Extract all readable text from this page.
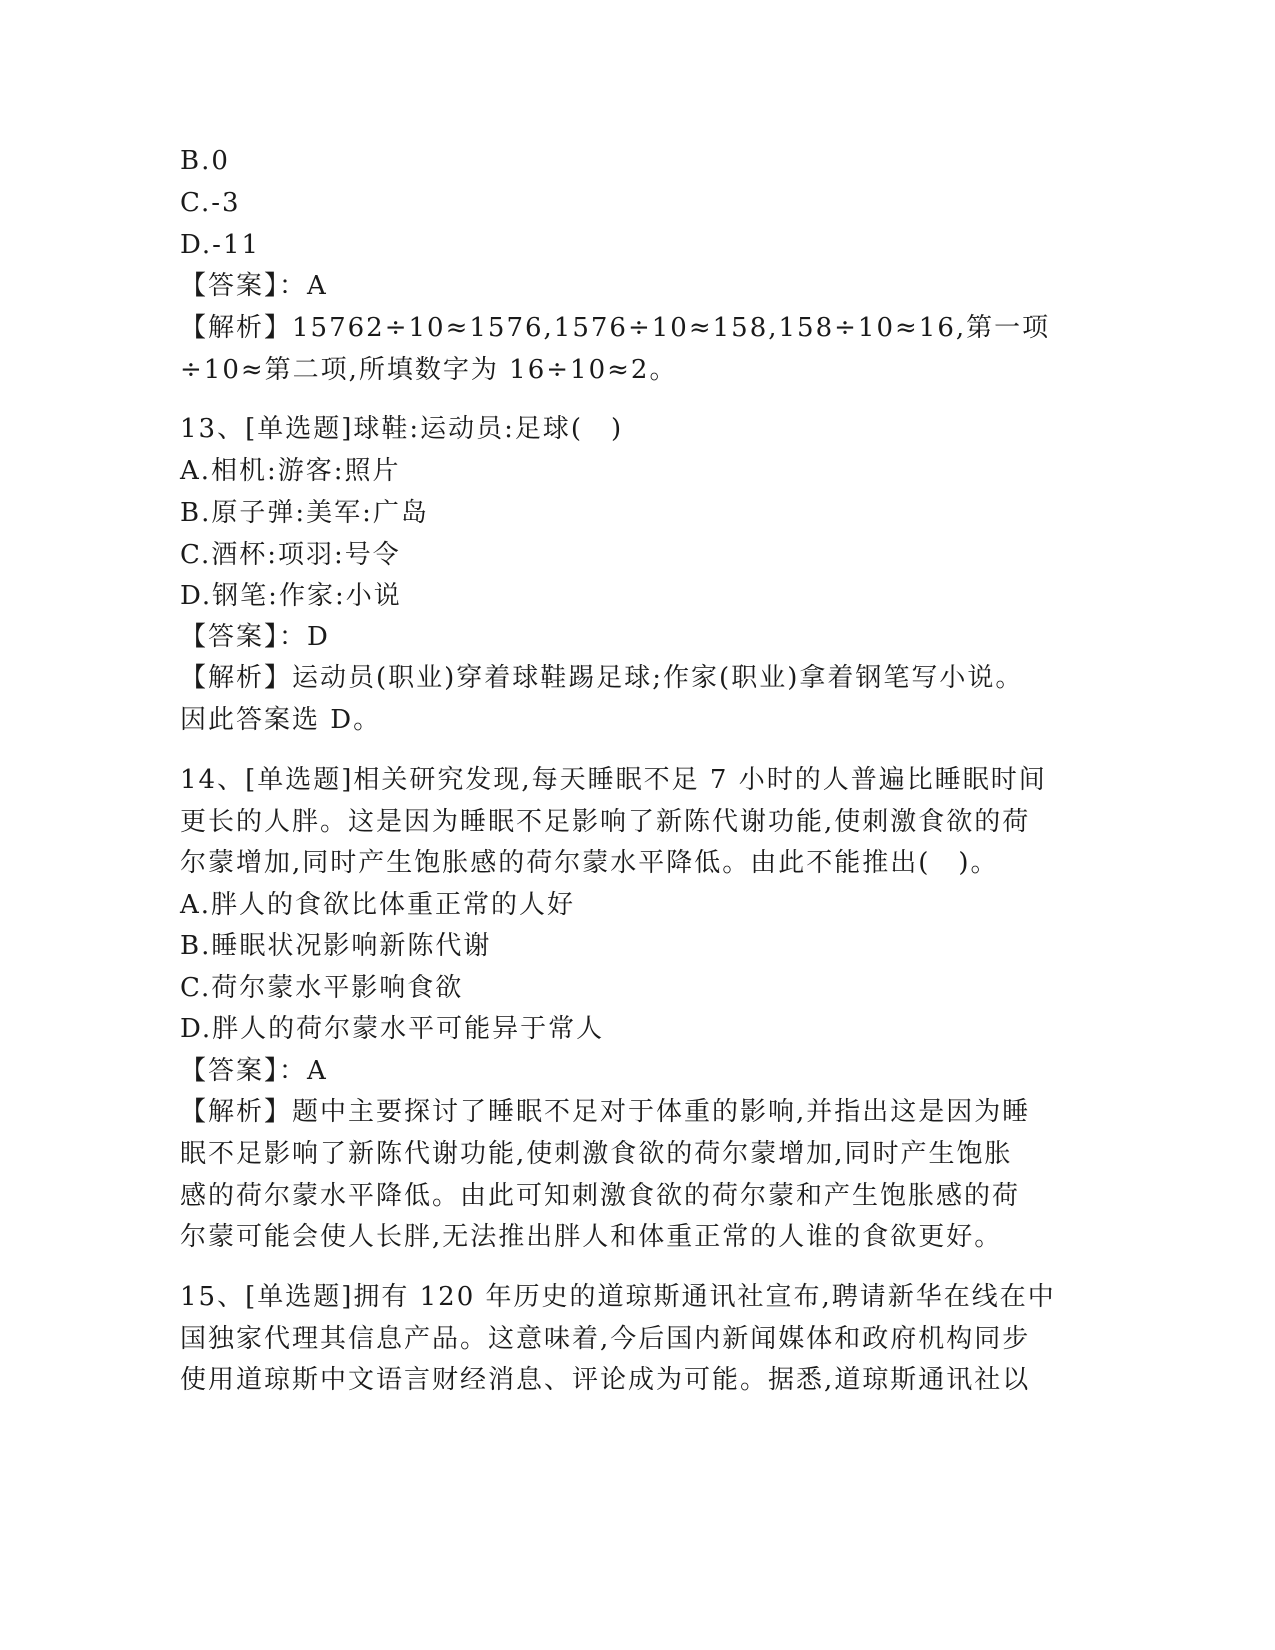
B.0
C.-3
D.-11
【答案】：A
【解析】15762÷10≈1576,1576÷10≈158,158÷10≈16,第一项
÷10≈第二项,所填数字为 16÷10≈2。
13、[单选题]球鞋:运动员:足球(　)
A.相机:游客:照片
B.原子弹:美军:广岛
C.酒杯:项羽:号令
D.钢笔:作家:小说
【答案】：D
【解析】运动员(职业)穿着球鞋踢足球;作家(职业)拿着钢笔写小说。
因此答案选 D。
14、[单选题]相关研究发现,每天睡眠不足 7 小时的人普遍比睡眠时间
更长的人胖。这是因为睡眠不足影响了新陈代谢功能,使刺激食欲的荷
尔蒙增加,同时产生饱胀感的荷尔蒙水平降低。由此不能推出(　)。
A.胖人的食欲比体重正常的人好
B.睡眠状况影响新陈代谢
C.荷尔蒙水平影响食欲
D.胖人的荷尔蒙水平可能异于常人
【答案】：A
【解析】题中主要探讨了睡眠不足对于体重的影响,并指出这是因为睡
眠不足影响了新陈代谢功能,使刺激食欲的荷尔蒙增加,同时产生饱胀
感的荷尔蒙水平降低。由此可知刺激食欲的荷尔蒙和产生饱胀感的荷
尔蒙可能会使人长胖,无法推出胖人和体重正常的人谁的食欲更好。
15、[单选题]拥有 120 年历史的道琼斯通讯社宣布,聘请新华在线在中
国独家代理其信息产品。这意味着,今后国内新闻媒体和政府机构同步
使用道琼斯中文语言财经消息、评论成为可能。据悉,道琼斯通讯社以
